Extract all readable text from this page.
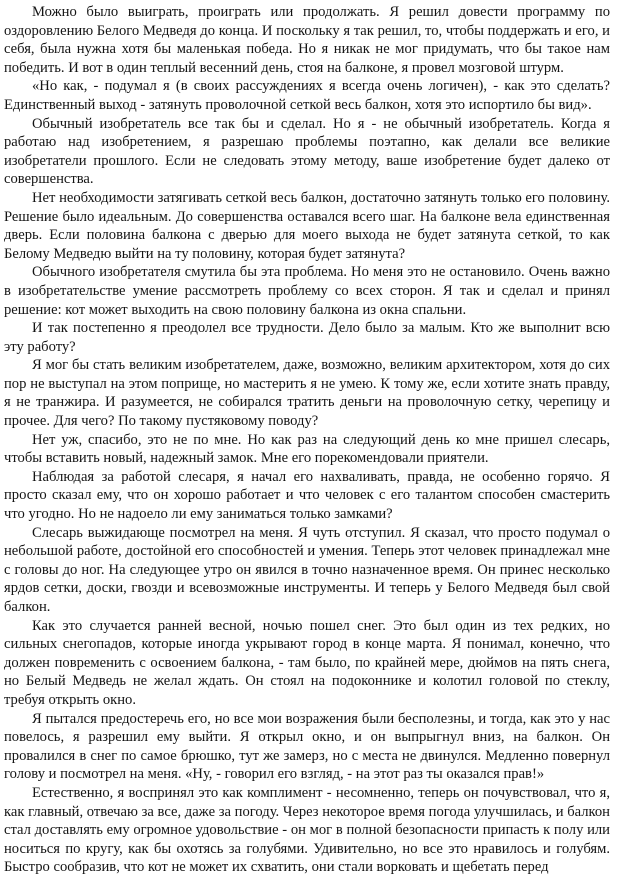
Можно было выиграть, проиграть или продолжать. Я решил довести программу по оздоровлению Белого Медведя до конца. И поскольку я так решил, то, чтобы поддержать и его, и себя, была нужна хотя бы маленькая победа. Но я никак не мог придумать, что бы такое нам победить. И вот в один теплый весенний день, стоя на балконе, я провел мозговой штурм.

«Но как, - подумал я (в своих рассуждениях я всегда очень логичен), - как это сделать? Единственный выход - затянуть проволочной сеткой весь балкон, хотя это испортило бы вид».

Обычный изобретатель все так бы и сделал. Но я - не обычный изобретатель. Когда я работаю над изобретением, я разрешаю проблемы поэтапно, как делали все великие изобретатели прошлого. Если не следовать этому методу, ваше изобретение будет далеко от совершенства.

Нет необходимости затягивать сеткой весь балкон, достаточно затянуть только его половину. Решение было идеальным. До совершенства оставался всего шаг. На балконе вела единственная дверь. Если половина балкона с дверью для моего выхода не будет затянута сеткой, то как Белому Медведю выйти на ту половину, которая будет затянута?

Обычного изобретателя смутила бы эта проблема. Но меня это не остановило. Очень важно в изобретательстве умение рассмотреть проблему со всех сторон. Я так и сделал и принял решение: кот может выходить на свою половину балкона из окна спальни.

И так постепенно я преодолел все трудности. Дело было за малым. Кто же выполнит всю эту работу?

Я мог бы стать великим изобретателем, даже, возможно, великим архитектором, хотя до сих пор не выступал на этом поприще, но мастерить я не умею. К тому же, если хотите знать правду, я не транжира. И разумеется, не собирался тратить деньги на проволочную сетку, черепицу и прочее. Для чего? По такому пустяковому поводу?

Нет уж, спасибо, это не по мне. Но как раз на следующий день ко мне пришел слесарь, чтобы вставить новый, надежный замок. Мне его порекомендовали приятели.

Наблюдая за работой слесаря, я начал его нахваливать, правда, не особенно горячо. Я просто сказал ему, что он хорошо работает и что человек с его талантом способен смастерить что угодно. Но не надоело ли ему заниматься только замками?

Слесарь выжидающе посмотрел на меня. Я чуть отступил. Я сказал, что просто подумал о небольшой работе, достойной его способностей и умения. Теперь этот человек принадлежал мне с головы до ног. На следующее утро он явился в точно назначенное время. Он принес несколько ярдов сетки, доски, гвозди и всевозможные инструменты. И теперь у Белого Медведя был свой балкон.

Как это случается ранней весной, ночью пошел снег. Это был один из тех редких, но сильных снегопадов, которые иногда укрывают город в конце марта. Я понимал, конечно, что должен повременить с освоением балкона, - там было, по крайней мере, дюймов на пять снега, но Белый Медведь не желал ждать. Он стоял на подоконнике и колотил головой по стеклу, требуя открыть окно.

Я пытался предостеречь его, но все мои возражения были бесполезны, и тогда, как это у нас повелось, я разрешил ему выйти. Я открыл окно, и он выпрыгнул вниз, на балкон. Он провалился в снег по самое брюшко, тут же замерз, но с места не двинулся. Медленно повернул голову и посмотрел на меня. «Ну, - говорил его взгляд, - на этот раз ты оказался прав!»

Естественно, я воспринял это как комплимент - несомненно, теперь он почувствовал, что я, как главный, отвечаю за все, даже за погоду. Через некоторое время погода улучшилась, и балкон стал доставлять ему огромное удовольствие - он мог в полной безопасности припасть к полу или носиться по кругу, как бы охотясь за голубями. Удивительно, но все это нравилось и голубям. Быстро сообразив, что кот не может их схватить, они стали ворковать и щебетать перед
